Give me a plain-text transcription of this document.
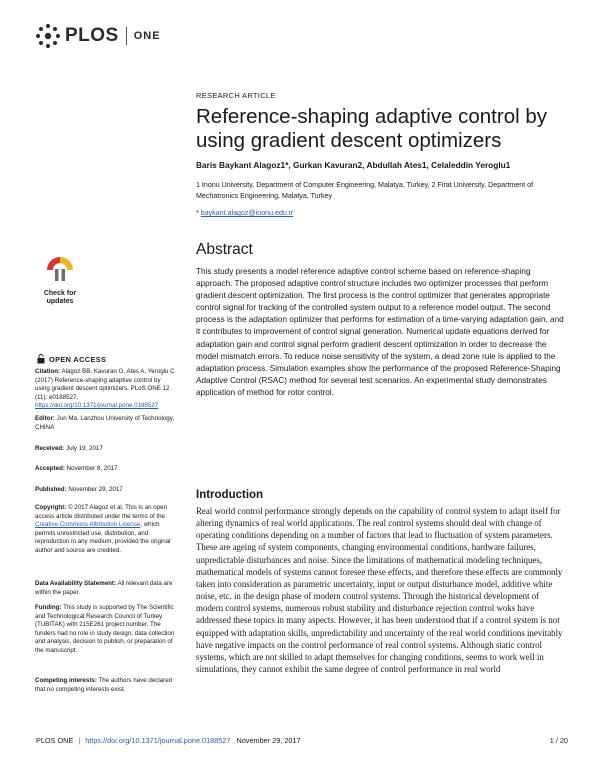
PLOS ONE
RESEARCH ARTICLE
Reference-shaping adaptive control by using gradient descent optimizers
Baris Baykant Alagoz1*, Gurkan Kavuran2, Abdullah Ates1, Celaleddin Yeroglu1
1 Inonu University, Department of Computer Engineering, Malatya, Turkey, 2 Firat University, Department of Mechatronics Engineering, Malatya, Turkey
* baykant.alagoz@inonu.edu.tr
Abstract
This study presents a model reference adaptive control scheme based on reference-shaping approach. The proposed adaptive control structure includes two optimizer processes that perform gradient descent optimization. The first process is the control optimizer that generates appropriate control signal for tracking of the controlled system output to a reference model output. The second process is the adaptation optimizer that performs for estimation of a time-varying adaptation gain, and it contributes to improvement of control signal generation. Numerical update equations derived for adaptation gain and control signal perform gradient descent optimization in order to decrease the model mismatch errors. To reduce noise sensitivity of the system, a dead zone rule is applied to the adaptation process. Simulation examples show the performance of the proposed Reference-Shaping Adaptive Control (RSAC) method for several test scenarios. An experimental study demonstrates application of method for rotor control.
Introduction
Real world control performance strongly depends on the capability of control system to adapt itself for altering dynamics of real world applications. The real control systems should deal with change of operating conditions depending on a number of factors that lead to fluctuation of system parameters. These are ageing of system components, changing environmental conditions, hardware failures, unpredictable disturbances and noise. Since the limitations of mathematical modeling techniques, mathematical models of systems cannot foresee these effects, and therefore these effects are commonly taken into consideration as parametric uncertainty, input or output disturbance model, additive white noise, etc. in the design phase of modern control systems. Through the historical development of modern control systems, numerous robust stability and disturbance rejection control woks have addressed these topics in many aspects. However, it has been understood that if a control system is not equipped with adaptation skills, unpredictability and uncertainty of the real world conditions inevitably have negative impacts on the control performance of real control systems. Although static control systems, which are not skilled to adapt themselves for changing conditions, seems to work well in simulations, they cannot exhibit the same degree of control performance in real world
Check for
updates
OPEN ACCESS
Citation: Alagoz BB, Kavuran G, Ates A, Yeroglu C (2017) Reference-shaping adaptive control by using gradient descent optimizers. PLoS ONE 12 (11): e0188527. https://doi.org/10.1371/journal.pone.0188527
Editor: Jun Ma, Lanzhou University of Technology, CHINA
Received: July 19, 2017
Accepted: November 8, 2017
Published: November 29, 2017
Copyright: © 2017 Alagoz et al. This is an open access article distributed under the terms of the Creative Commons Attribution License, which permits unrestricted use, distribution, and reproduction in any medium, provided the original author and source are credited.
Data Availability Statement: All relevant data are within the paper.
Funding: This study is supported by The Scientific and Technological Research Council of Turkey (TUBITAK) with 215E261 project number. The funders had no role in study design, data collection and analysis, decision to publish, or preparation of the manuscript.
Competing interests: The authors have declared that no competing interests exist.
PLOS ONE | https://doi.org/10.1371/journal.pone.0188527 November 29, 2017	1 / 20
